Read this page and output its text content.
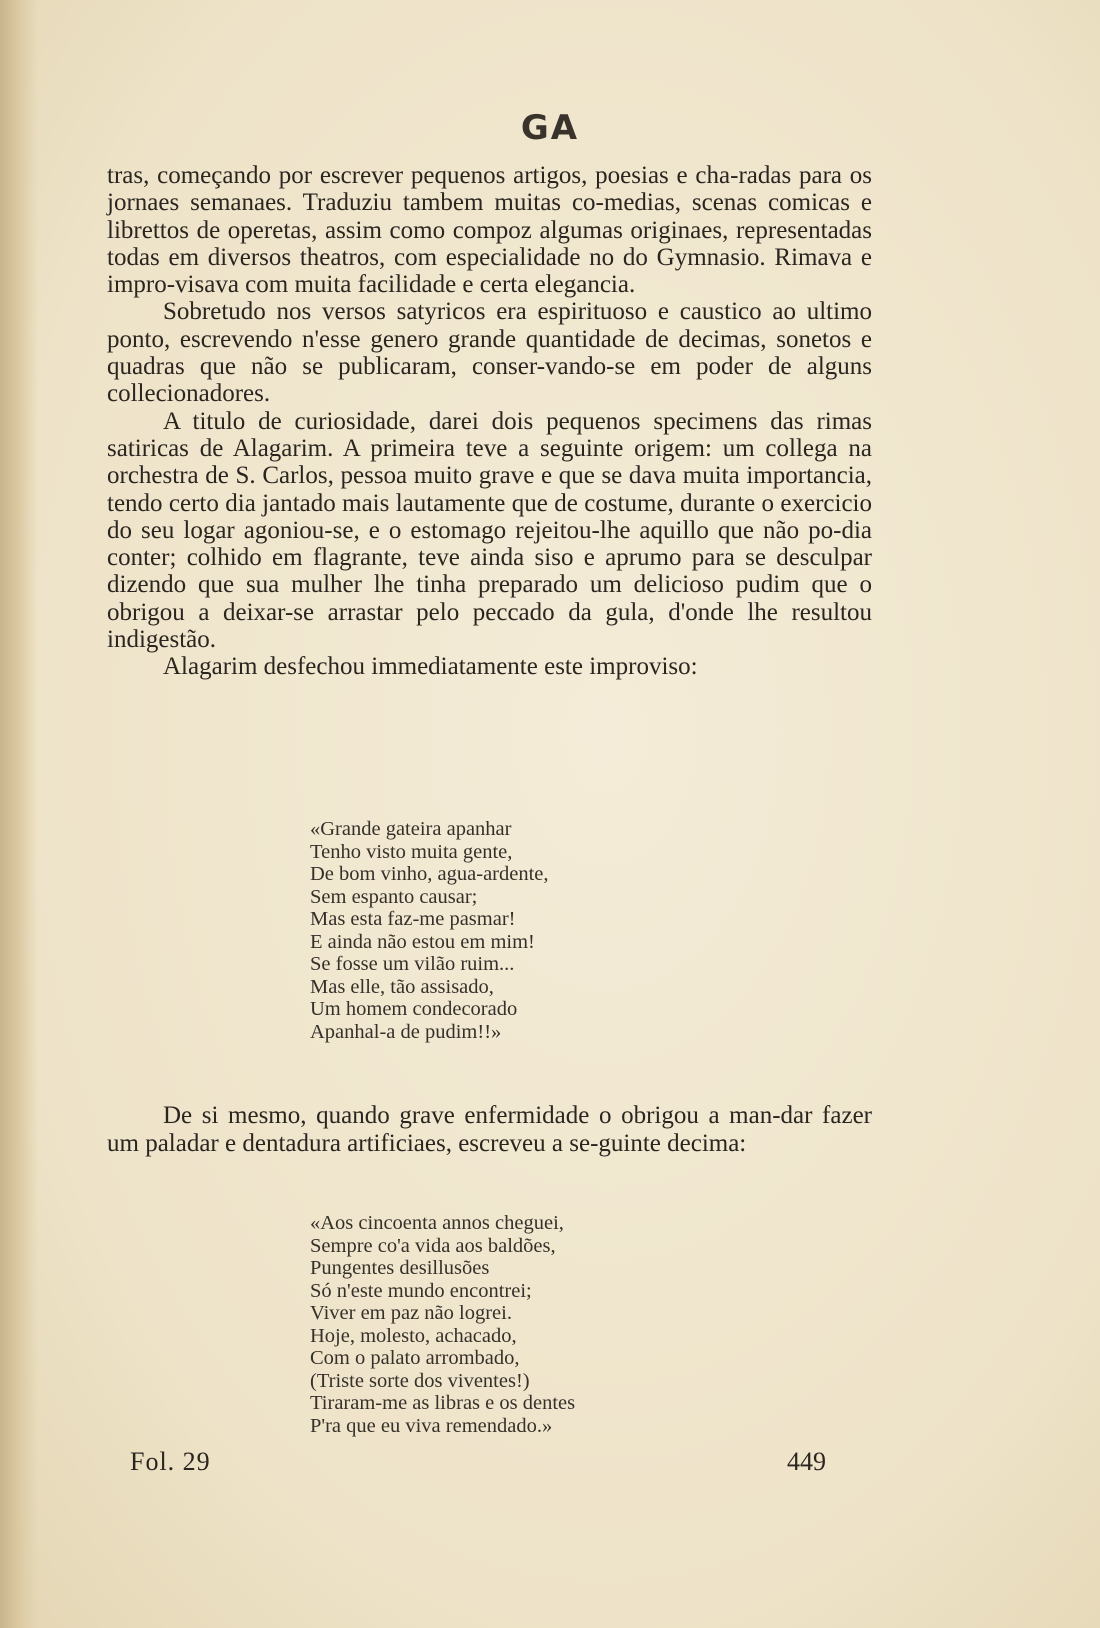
GA

tras, começando por escrever pequenos artigos, poesias e cha-radas para os jornaes semanaes. Traduziu tambem muitas co-medias, scenas comicas e librettos de operetas, assim como compoz algumas originaes, representadas todas em diversos theatros, com especialidade no do Gymnasio. Rimava e impro-visava com muita facilidade e certa elegancia.

Sobretudo nos versos satyricos era espirituoso e caustico ao ultimo ponto, escrevendo n'esse genero grande quantidade de decimas, sonetos e quadras que não se publicaram, conser-vando-se em poder de alguns collecionadores.

A titulo de curiosidade, darei dois pequenos specimens das rimas satiricas de Alagarim. A primeira teve a seguinte origem: um collega na orchestra de S. Carlos, pessoa muito grave e que se dava muita importancia, tendo certo dia jantado mais lautamente que de costume, durante o exercicio do seu logar agoniou-se, e o estomago rejeitou-lhe aquillo que não po-dia conter; colhido em flagrante, teve ainda siso e aprumo para se desculpar dizendo que sua mulher lhe tinha preparado um delicioso pudim que o obrigou a deixar-se arrastar pelo peccado da gula, d'onde lhe resultou indigestão.

Alagarim desfechou immediatamente este improviso:

«Grande gateira apanhar
Tenho visto muita gente,
De bom vinho, agua-ardente,
Sem espanto causar;
Mas esta faz-me pasmar!
E ainda não estou em mim!
Se fosse um vilão ruim...
Mas elle, tão assisado,
Um homem condecorado
Apanhal-a de pudim!!»

De si mesmo, quando grave enfermidade o obrigou a man-dar fazer um paladar e dentadura artificiaes, escreveu a se-guinte decima:

«Aos cincoenta annos cheguei,
Sempre co'a vida aos baldões,
Pungentes desillusões
Só n'este mundo encontrei;
Viver em paz não logrei.
Hoje, molesto, achacado,
Com o palato arrombado,
(Triste sorte dos viventes!)
Tiraram-me as libras e os dentes
P'ra que eu viva remendado.»
Fol. 29	449
